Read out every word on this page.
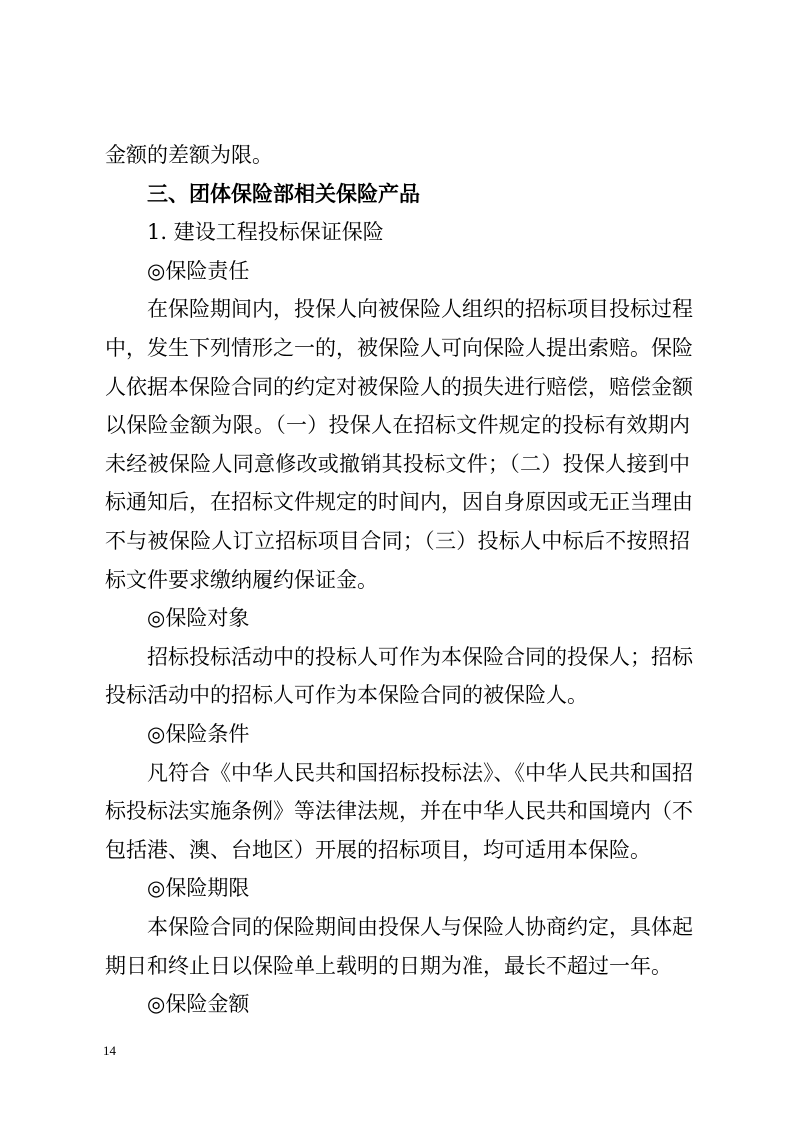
金额的差额为限。
三、团体保险部相关保险产品
1. 建设工程投标保证保险
◎保险责任
在保险期间内，投保人向被保险人组织的招标项目投标过程
中，发生下列情形之一的，被保险人可向保险人提出索赔。保险
人依据本保险合同的约定对被保险人的损失进行赔偿，赔偿金额
以保险金额为限。（一）投保人在招标文件规定的投标有效期内
未经被保险人同意修改或撤销其投标文件；（二）投保人接到中
标通知后，在招标文件规定的时间内，因自身原因或无正当理由
不与被保险人订立招标项目合同；（三）投标人中标后不按照招
标文件要求缴纳履约保证金。
◎保险对象
招标投标活动中的投标人可作为本保险合同的投保人；招标
投标活动中的招标人可作为本保险合同的被保险人。
◎保险条件
凡符合《中华人民共和国招标投标法》、《中华人民共和国招
标投标法实施条例》等法律法规，并在中华人民共和国境内（不
包括港、澳、台地区）开展的招标项目，均可适用本保险。
◎保险期限
本保险合同的保险期间由投保人与保险人协商约定，具体起
期日和终止日以保险单上载明的日期为准，最长不超过一年。
◎保险金额
14
